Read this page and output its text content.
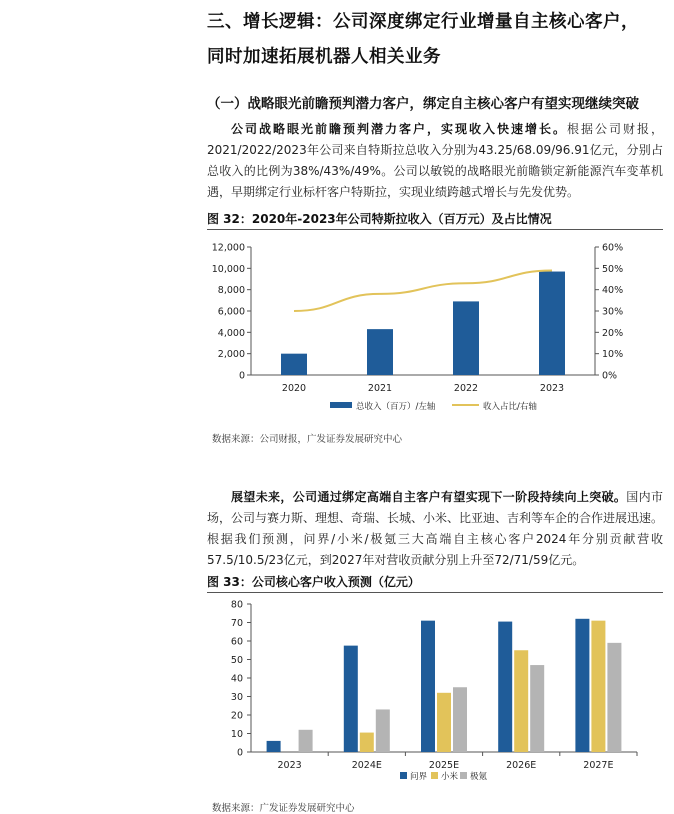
三、增长逻辑：公司深度绑定行业增量自主核心客户，
同时加速拓展机器人相关业务
（一）战略眼光前瞻预判潜力客户，绑定自主核心客户有望实现继续突破
公司战略眼光前瞻预判潜力客户，实现收入快速增长。根据公司财报，2021/2022/2023年公司来自特斯拉总收入分别为43.25/68.09/96.91亿元，分别占总收入的比例为38%/43%/49%。公司以敏锐的战略眼光前瞻锁定新能源汽车变革机遇，早期绑定行业标杆客户特斯拉，实现业绩跨越式增长与先发优势。
图 32：2020年-2023年公司特斯拉收入（百万元）及占比情况
0
2,000
4,000
6,000
8,000
10,000
12,000
0%
10%
20%
30%
40%
50%
60%
2020	2021	2022	2023
总收入（百万）/左轴	收入占比/右轴
数据来源：公司财报，广发证券发展研究中心
展望未来，公司通过绑定高端自主客户有望实现下一阶段持续向上突破。国内市场，公司与赛力斯、理想、奇瑞、长城、小米、比亚迪、吉利等车企的合作进展迅速。根据我们预测，问界/小米/极氪三大高端自主核心客户2024年分别贡献营收57.5/10.5/23亿元，到2027年对营收贡献分别上升至72/71/59亿元。
图 33：公司核心客户收入预测（亿元）
0
10
20
30
40
50
60
70
80
2023	2024E	2025E	2026E	2027E
问界 小米 极氪
数据来源：广发证券发展研究中心
